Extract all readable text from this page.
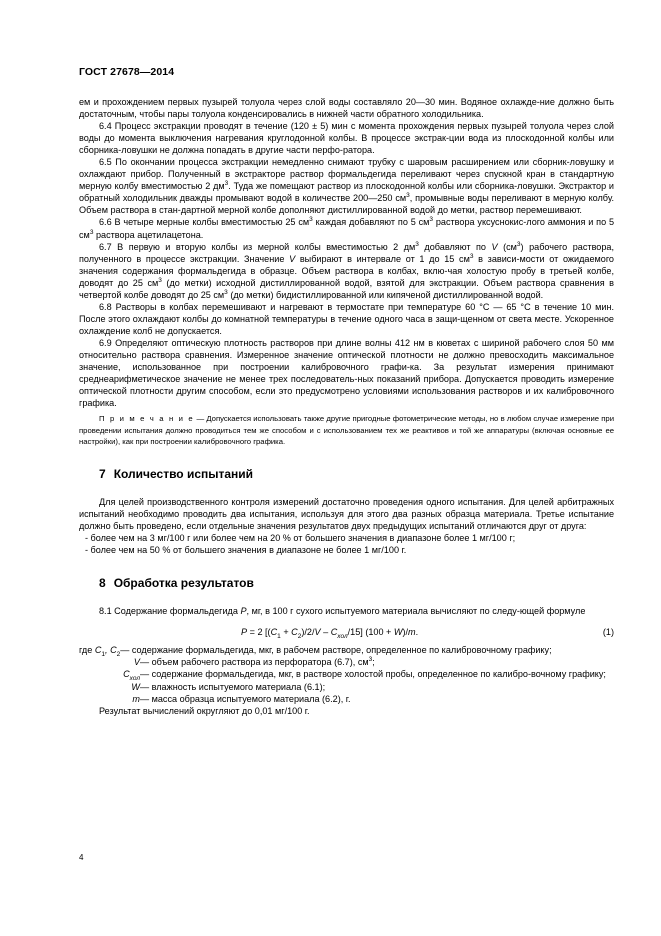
ГОСТ 27678—2014

ем и прохождением первых пузырей толуола через слой воды составляло 20—30 мин. Водяное охлажде-ние должно быть достаточным, чтобы пары толуола конденсировались в нижней части обратного холодильника.

6.4 Процесс экстракции проводят в течение (120 ± 5) мин с момента прохождения первых пузырей толуола через слой воды до момента выключения нагревания круглодонной колбы. В процессе экстрак-ции вода из плоскодонной колбы или сборника-ловушки не должна попадать в другие части перфо-ратора.

6.5 По окончании процесса экстракции немедленно снимают трубку с шаровым расширением или сборник-ловушку и охлаждают прибор. Полученный в экстракторе раствор формальдегида переливают через спускной кран в стандартную мерную колбу вместимостью 2 $дм^3$. Туда же помещают раствор из плоскодонной колбы или сборника-ловушки. Экстрактор и обратный холодильник дважды промывают водой в количестве 200—250 $см^3$, промывные воды переливают в мерную колбу. Объем раствора в стан-дартной мерной колбе дополняют дистиллированной водой до метки, раствор перемешивают.

6.6 В четыре мерные колбы вместимостью 25 $см^3$ каждая добавляют по 5 $см^3$ раствора уксуснокис-лого аммония и по 5 $см^3$ раствора ацетилацетона.

6.7 В первую и вторую колбы из мерной колбы вместимостью 2 $дм^3$ добавляют по V $(см^3)$ рабочего раствора, полученного в процессе экстракции. Значение V выбирают в интервале от 1 до 15 $см^3$ в зависи-мости от ожидаемого значения содержания формальдегида в образце. Объем раствора в колбах, вклю-чая холостую пробу в третьей колбе, доводят до 25 $см^3$ (до метки) исходной дистиллированной водой, взятой для экстракции. Объем раствора сравнения в четвертой колбе доводят до 25 $см^3$ (до метки) бидистиллированной или кипяченой дистиллированной водой.

6.8 Растворы в колбах перемешивают и нагревают в термостате при температуре 60 °С — 65 °С в течение 10 мин. После этого охлаждают колбы до комнатной температуры в течение одного часа в защи-щенном от света месте. Ускоренное охлаждение колб не допускается.

6.9 Определяют оптическую плотность растворов при длине волны 412 нм в кюветах с шириной рабочего слоя 50 мм относительно раствора сравнения. Измеренное значение оптической плотности не должно превосходить максимальное значение, использованное при построении калибровочного графи-ка. За результат измерения принимают среднеарифметическое значение не менее трех последователь-ных показаний прибора. Допускается проводить измерение оптической плотности другим способом, если это предусмотрено условиями использования растворов и их калибровочного графика.

П р и м е ч а н и е — Допускается использовать также другие пригодные фотометрические методы, но в любом случае измерение при проведении испытания должно проводиться тем же способом и с использованием тех же реактивов и той же аппаратуры (включая основные ее настройки), как при построении калибровочного графика.

7 Количество испытаний

Для целей производственного контроля измерений достаточно проведения одного испытания. Для целей арбитражных испытаний необходимо проводить два испытания, используя для этого два разных образца материала. Третье испытание должно быть проведено, если отдельные значения результатов двух предыдущих испытаний отличаются друг от друга:

- более чем на 3 мг/100 г или более чем на 20 % от большего значения в диапазоне более 1 мг/100 г;

- более чем на 50 % от большего значения в диапазоне не более 1 мг/100 г.

8 Обработка результатов

8.1 Содержание формальдегида P, мг, в 100 г сухого испытуемого материала вычисляют по следу-ющей формуле

P = 2 $[(C_1 + C_2)/2/V - C_{хол}/15] (100 + W)/m$.	(1)
где $C_1$, $C_2$ — содержание формальдегида, мкг, в рабочем растворе, определенное по калибровочному графику;
V — объем рабочего раствора из перфоратора (6.7), $см^3$;
$C_{хол}$ — содержание формальдегида, мкг, в растворе холостой пробы, определенное по калибро-вочному графику;
W — влажность испытуемого материала (6.1);
m — масса образца испытуемого материала (6.2), г.

Результат вычислений округляют до 0,01 мг/100 г.

4
